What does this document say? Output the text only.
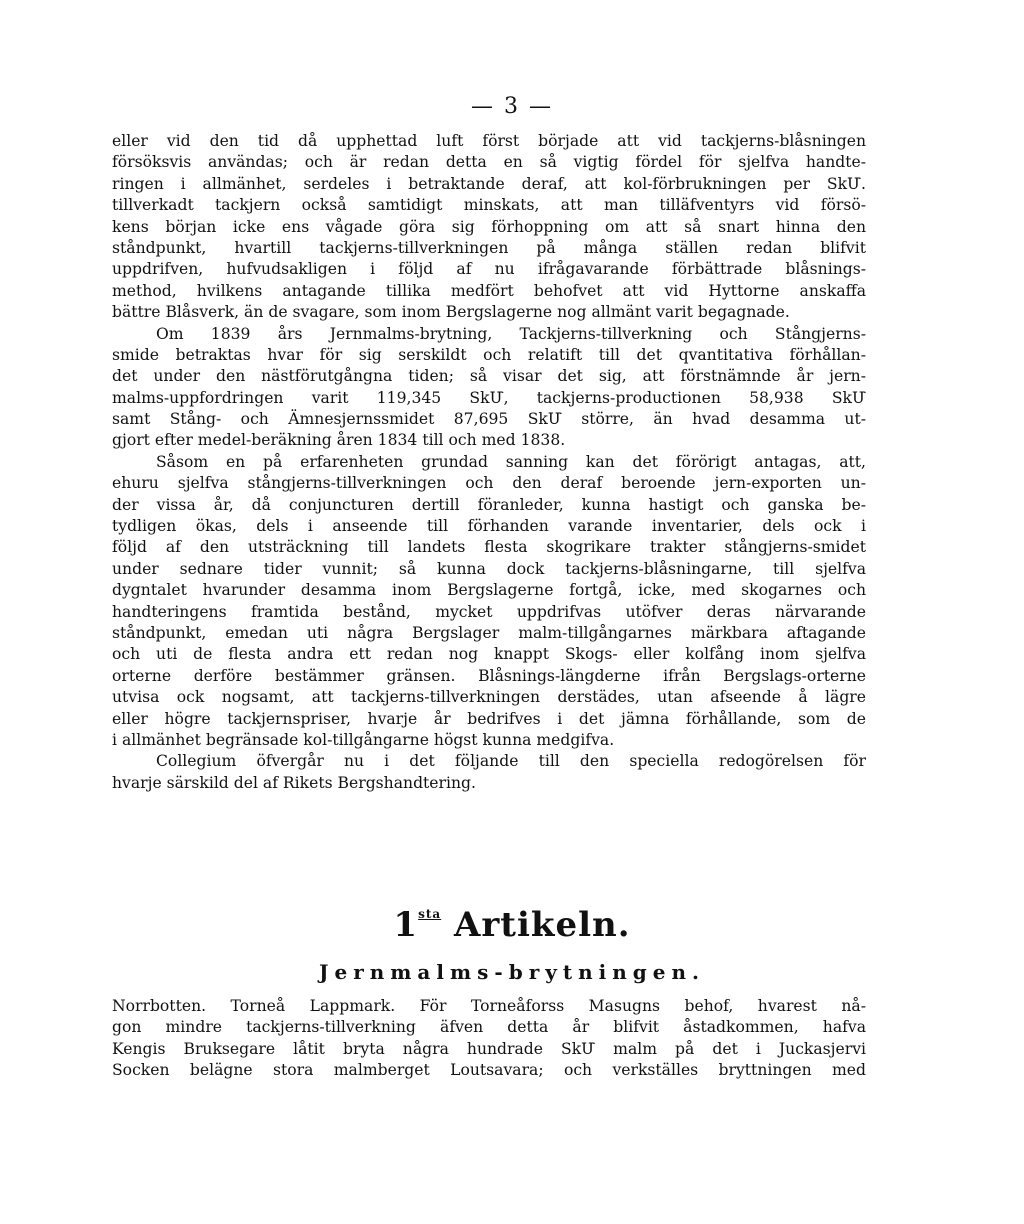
— 3 —
eller vid den tid då upphettad luft först började att vid tackjerns-blåsningen
försöksvis användas; och är redan detta en så vigtig fördel för sjelfva handte-
ringen i allmänhet, serdeles i betraktande deraf, att kol-förbrukningen per SkՄ.
tillverkadt tackjern också samtidigt minskats, att man tilläfventyrs vid försö-
kens början icke ens vågade göra sig förhoppning om att så snart hinna den
ståndpunkt, hvartill tackjerns-tillverkningen på många ställen redan blifvit
uppdrifven, hufvudsakligen i följd af nu ifrågavarande förbättrade blåsnings-
method, hvilkens antagande tillika medfört behofvet att vid Hyttorne anskaffa
bättre Blåsverk, än de svagare, som inom Bergslagerne nog allmänt varit begagnade.
Om 1839 års Jernmalms-brytning, Tackjerns-tillverkning och Stångjerns-
smide betraktas hvar för sig serskildt och relatift till det qvantitativa förhållan-
det under den nästförutgångna tiden; så visar det sig, att förstnämnde år jern-
malms-uppfordringen varit 119,345 SkՄ, tackjerns-productionen 58,938 SkՄ
samt Stång- och Ämnesjernssmidet 87,695 SkՄ större, än hvad desamma ut-
gjort efter medel-beräkning åren 1834 till och med 1838.
Såsom en på erfarenheten grundad sanning kan det förörigt antagas, att,
ehuru sjelfva stångjerns-tillverkningen och den deraf beroende jern-exporten un-
der vissa år, då conjuncturen dertill föranleder, kunna hastigt och ganska be-
tydligen ökas, dels i anseende till förhanden varande inventarier, dels ock i
följd af den utsträckning till landets flesta skogrikare trakter stångjerns-smidet
under sednare tider vunnit; så kunna dock tackjerns-blåsningarne, till sjelfva
dygntalet hvarunder desamma inom Bergslagerne fortgå, icke, med skogarnes och
handteringens framtida bestånd, mycket uppdrifvas utöfver deras närvarande
ståndpunkt, emedan uti några Bergslager malm-tillgångarnes märkbara aftagande
och uti de flesta andra ett redan nog knappt Skogs- eller kolfång inom sjelfva
orterne derföre bestämmer gränsen. Blåsnings-längderne ifrån Bergslags-orterne
utvisa ock nogsamt, att tackjerns-tillverkningen derstädes, utan afseende å lägre
eller högre tackjernspriser, hvarje år bedrifves i det jämna förhållande, som de
i allmänhet begränsade kol-tillgångarne högst kunna medgifva.
Collegium öfvergår nu i det följande till den speciella redogörelsen för
hvarje särskild del af Rikets Bergshandtering.
$1^{sta}$ Artikeln.
Jernmalms-brytningen.
Norrbotten. Torneå Lappmark. För Torneåforss Masugns behof, hvarest nå-
gon mindre tackjerns-tillverkning äfven detta år blifvit åstadkommen, hafva
Kengis Bruksegare låtit bryta några hundrade SkՄ malm på det i Juckasjervi
Socken belägne stora malmberget Loutsavara; och verkställes bryttningen med
